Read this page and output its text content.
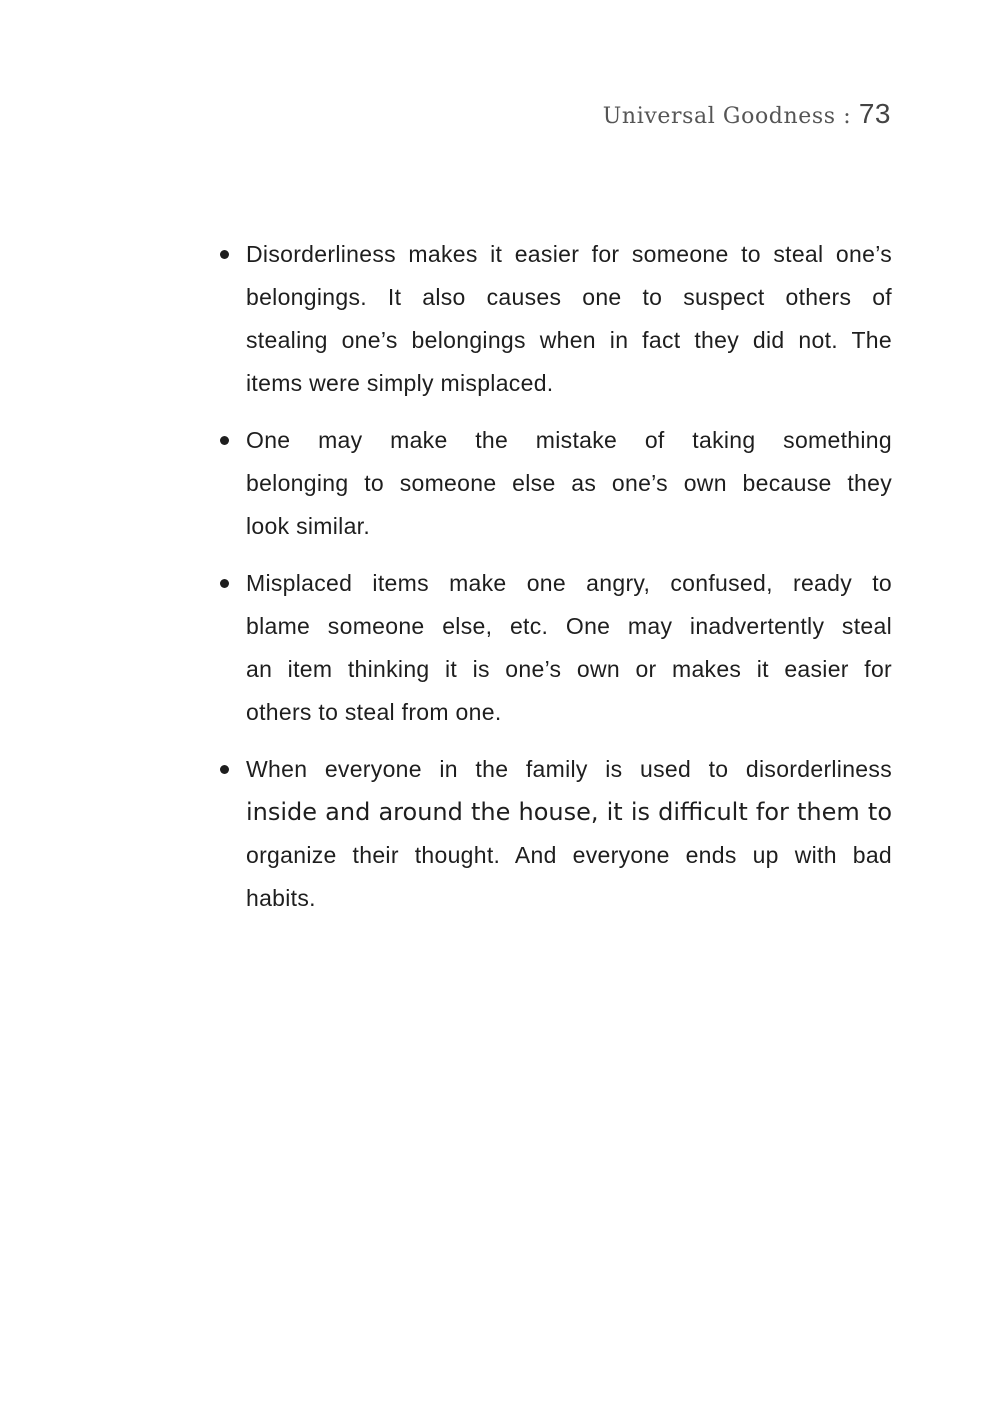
Universal Goodness : 73
Disorderliness makes it easier for someone to steal one’s
belongings. It also causes one to suspect others of
stealing one’s belongings when in fact they did not. The
items were simply misplaced.
One may make the mistake of taking something
belonging to someone else as one’s own because they
look similar.
Misplaced items make one angry, confused, ready to
blame someone else, etc. One may inadvertently steal
an item thinking it is one’s own or makes it easier for
others to steal from one.
When everyone in the family is used to disorderliness
inside and around the house, it is difficult for them to
organize their thought. And everyone ends up with bad
habits.
